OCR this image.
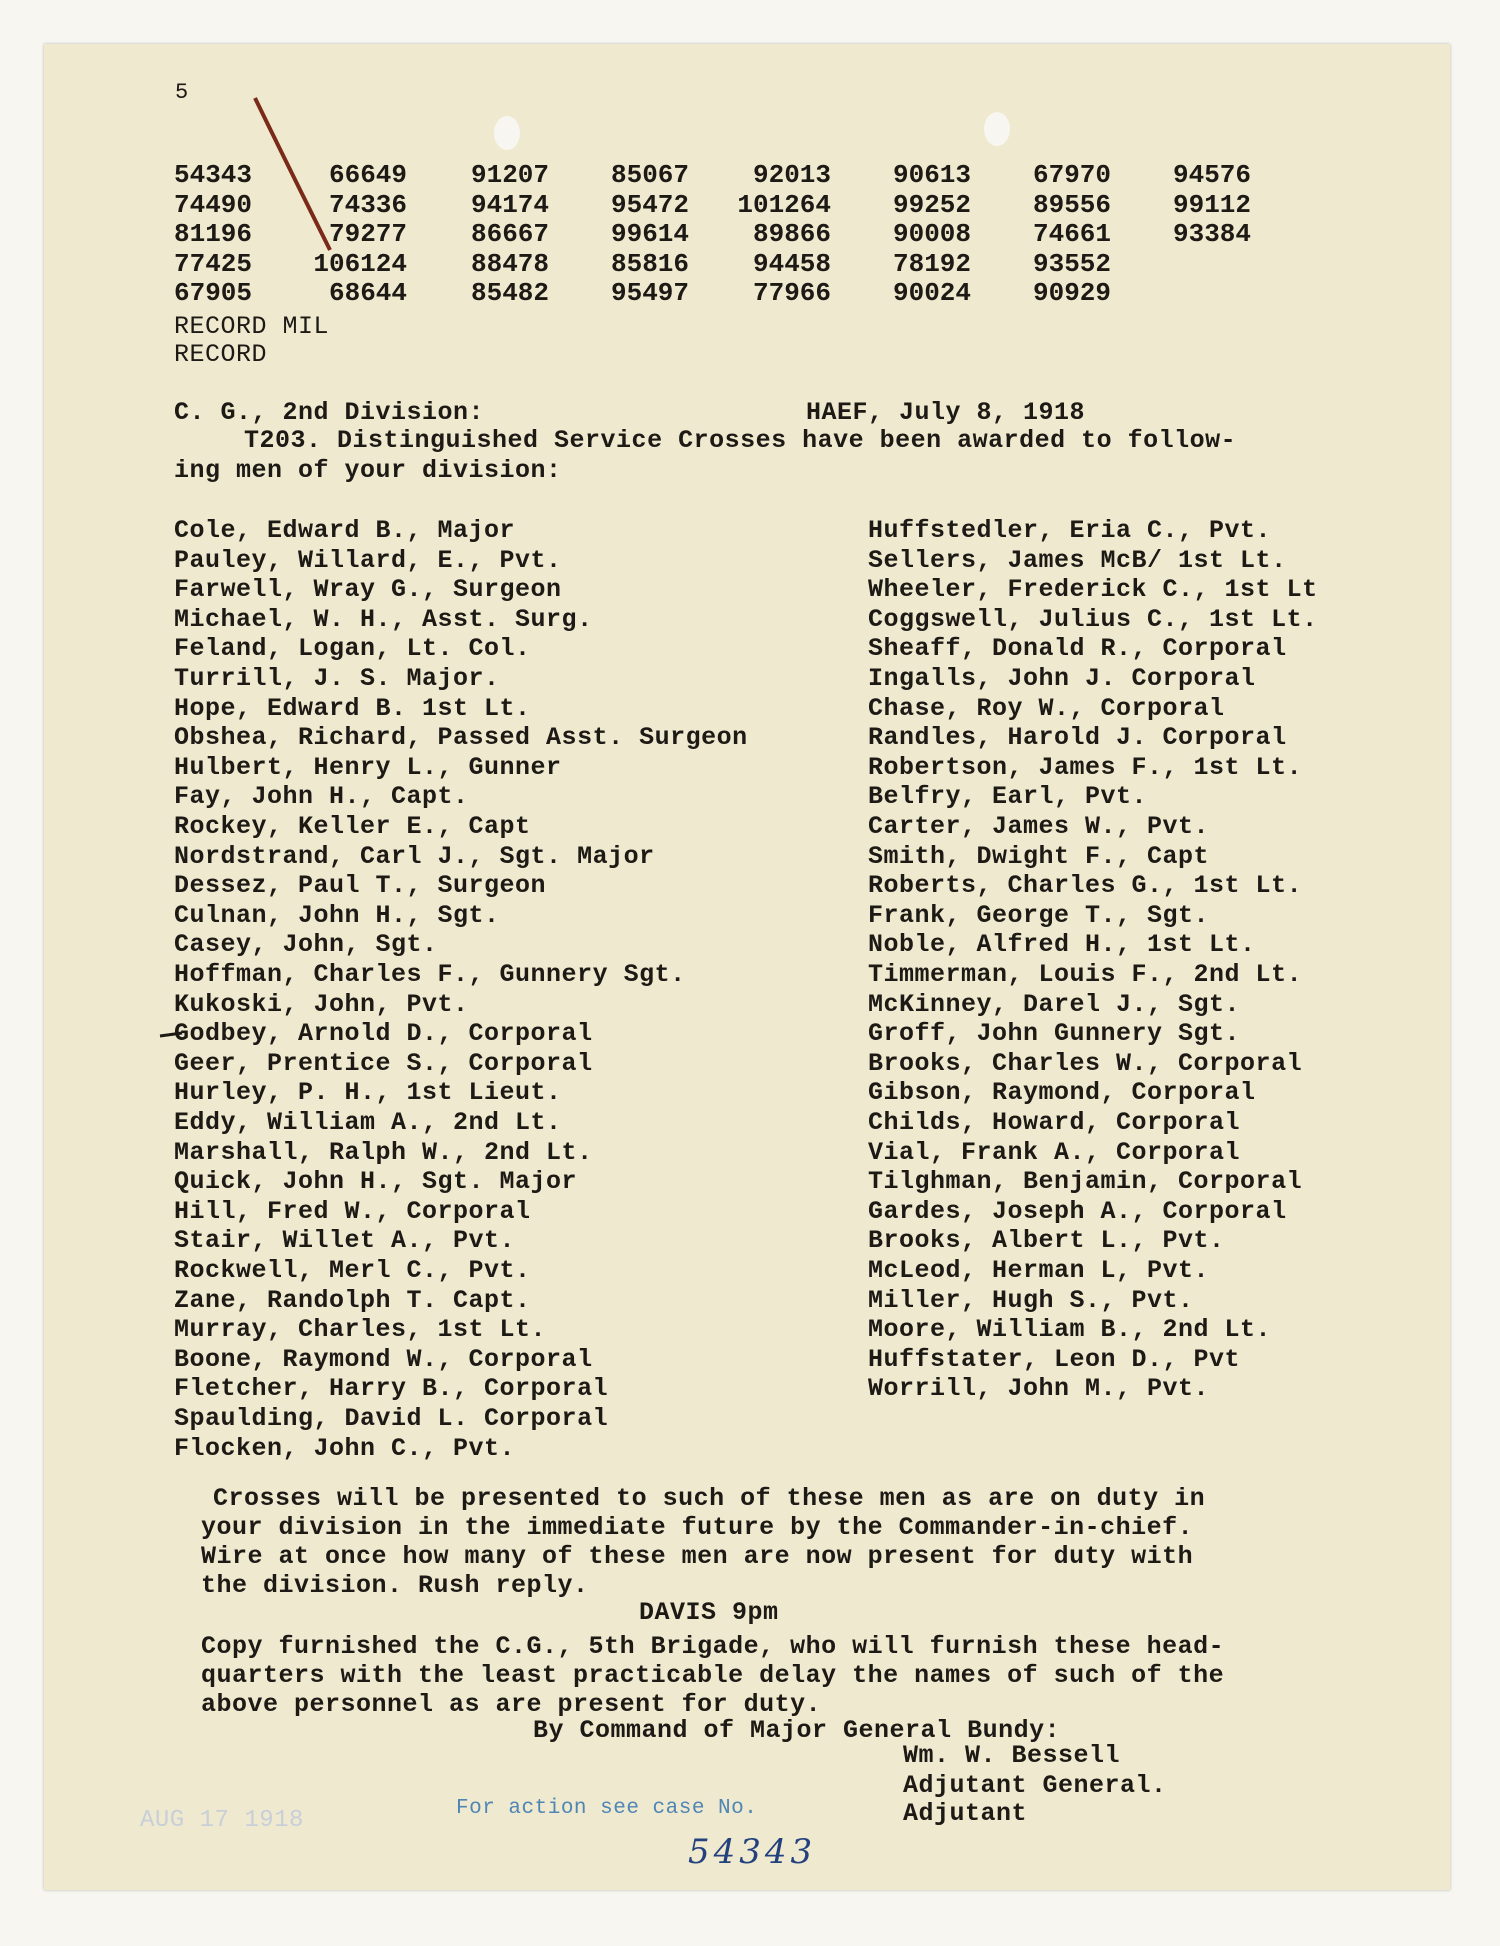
5
54343
74490
81196
77425
67905
66649
74336
79277
106124
68644
91207
94174
86667
88478
85482
85067
95472
99614
85816
95497
92013
101264
89866
94458
77966
90613
99252
90008
78192
90024
67970
89556
74661
93552
90929
94576
99112
93384
RECORD MIL
RECORD
C. G., 2nd Division:	HAEF, July 8, 1918
T203. Distinguished Service Crosses have been awarded to follow-
ing men of your division:
Cole, Edward B., Major
Pauley, Willard, E., Pvt.
Farwell, Wray G., Surgeon
Michael, W. H., Asst. Surg.
Feland, Logan, Lt. Col.
Turrill, J. S. Major.
Hope, Edward B. 1st Lt.
Obshea, Richard, Passed Asst. Surgeon
Hulbert, Henry L., Gunner
Fay, John H., Capt.
Rockey, Keller E., Capt
Nordstrand, Carl J., Sgt. Major
Dessez, Paul T., Surgeon
Culnan, John H., Sgt.
Casey, John, Sgt.
Hoffman, Charles F., Gunnery Sgt.
Kukoski, John, Pvt.
Godbey, Arnold D., Corporal
Geer, Prentice S., Corporal
Hurley, P. H., 1st Lieut.
Eddy, William A., 2nd Lt.
Marshall, Ralph W., 2nd Lt.
Quick, John H., Sgt. Major
Hill, Fred W., Corporal
Stair, Willet A., Pvt.
Rockwell, Merl C., Pvt.
Zane, Randolph T. Capt.
Murray, Charles, 1st Lt.
Boone, Raymond W., Corporal
Fletcher, Harry B., Corporal
Spaulding, David L. Corporal
Flocken, John C., Pvt.
Huffstedler, Eria C., Pvt.
Sellers, James McB/ 1st Lt.
Wheeler, Frederick C., 1st Lt
Coggswell, Julius C., 1st Lt.
Sheaff, Donald R., Corporal
Ingalls, John J. Corporal
Chase, Roy W., Corporal
Randles, Harold J. Corporal
Robertson, James F., 1st Lt.
Belfry, Earl, Pvt.
Carter, James W., Pvt.
Smith, Dwight F., Capt
Roberts, Charles G., 1st Lt.
Frank, George T., Sgt.
Noble, Alfred H., 1st Lt.
Timmerman, Louis F., 2nd Lt.
McKinney, Darel J., Sgt.
Groff, John Gunnery Sgt.
Brooks, Charles W., Corporal
Gibson, Raymond, Corporal
Childs, Howard, Corporal
Vial, Frank A., Corporal
Tilghman, Benjamin, Corporal
Gardes, Joseph A., Corporal
Brooks, Albert L., Pvt.
McLeod, Herman L, Pvt.
Miller, Hugh S., Pvt.
Moore, William B., 2nd Lt.
Huffstater, Leon D., Pvt
Worrill, John M., Pvt.
Crosses will be presented to such of these men as are on duty in
your division in the immediate future by the Commander-in-chief.
Wire at once how many of these men are now present for duty with
the division. Rush reply.
DAVIS 9pm
Copy furnished the C.G., 5th Brigade, who will furnish these head-
quarters with the least practicable delay the names of such of the
above personnel as are present for duty.
By Command of Major General Bundy:
Wm. W. Bessell
Adjutant General.
Adjutant
For action see case No.
AUG 17 1918
54343
